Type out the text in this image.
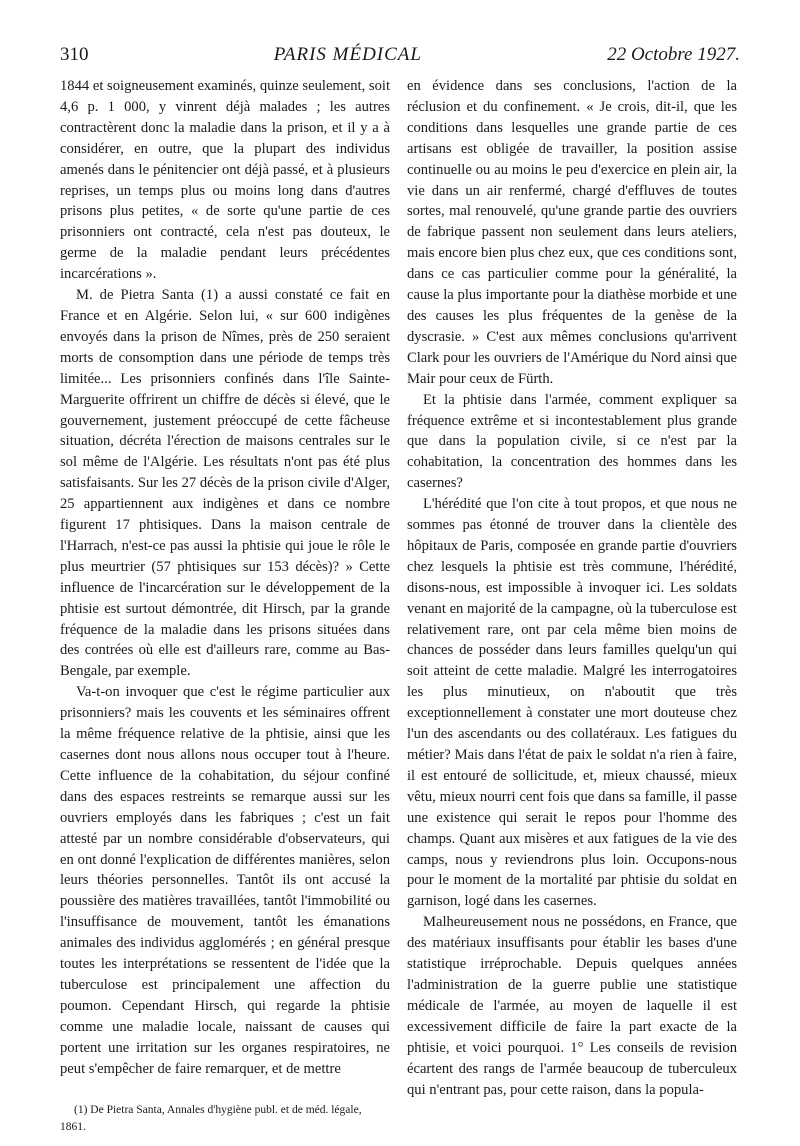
310	PARIS MÉDICAL	22 Octobre 1927.

1844 et soigneusement examinés, quinze seulement, soit 4,6 p. 1 000, y vinrent déjà malades ; les autres contractèrent donc la maladie dans la prison, et il y a à considérer, en outre, que la plupart des individus amenés dans le pénitencier ont déjà passé, et à plusieurs reprises, un temps plus ou moins long dans d'autres prisons plus petites, « de sorte qu'une partie de ces prisonniers ont contracté, cela n'est pas douteux, le germe de la maladie pendant leurs précédentes incarcérations ».

M. de Pietra Santa (1) a aussi constaté ce fait en France et en Algérie. Selon lui, « sur 600 indigènes envoyés dans la prison de Nîmes, près de 250 seraient morts de consomption dans une période de temps très limitée... Les prisonniers confinés dans l'île Sainte-Marguerite offrirent un chiffre de décès si élevé, que le gouvernement, justement préoccupé de cette fâcheuse situation, décréta l'érection de maisons centrales sur le sol même de l'Algérie. Les résultats n'ont pas été plus satisfaisants. Sur les 27 décès de la prison civile d'Alger, 25 appartiennent aux indigènes et dans ce nombre figurent 17 phtisiques. Dans la maison centrale de l'Harrach, n'est-ce pas aussi la phtisie qui joue le rôle le plus meurtrier (57 phtisiques sur 153 décès)? » Cette influence de l'incarcération sur le développement de la phtisie est surtout démontrée, dit Hirsch, par la grande fréquence de la maladie dans les prisons situées dans des contrées où elle est d'ailleurs rare, comme au Bas-Bengale, par exemple.

Va-t-on invoquer que c'est le régime particulier aux prisonniers? mais les couvents et les séminaires offrent la même fréquence relative de la phtisie, ainsi que les casernes dont nous allons nous occuper tout à l'heure. Cette influence de la cohabitation, du séjour confiné dans des espaces restreints se remarque aussi sur les ouvriers employés dans les fabriques ; c'est un fait attesté par un nombre considérable d'observateurs, qui en ont donné l'explication de différentes manières, selon leurs théories personnelles. Tantôt ils ont accusé la poussière des matières travaillées, tantôt l'immobilité ou l'insuffisance de mouvement, tantôt les émanations animales des individus agglomérés ; en général presque toutes les interprétations se ressentent de l'idée que la tuberculose est principalement une affection du poumon. Cependant Hirsch, qui regarde la phtisie comme une maladie locale, naissant de causes qui portent une irritation sur les organes respiratoires, ne peut s'empêcher de faire remarquer, et de mettre

(1) De Pietra Santa, Annales d'hygiène publ. et de méd. légale, 1861.

en évidence dans ses conclusions, l'action de la réclusion et du confinement. « Je crois, dit-il, que les conditions dans lesquelles une grande partie de ces artisans est obligée de travailler, la position assise continuelle ou au moins le peu d'exercice en plein air, la vie dans un air renfermé, chargé d'effluves de toutes sortes, mal renouvelé, qu'une grande partie des ouvriers de fabrique passent non seulement dans leurs ateliers, mais encore bien plus chez eux, que ces conditions sont, dans ce cas particulier comme pour la généralité, la cause la plus importante pour la diathèse morbide et une des causes les plus fréquentes de la genèse de la dyscrasie. » C'est aux mêmes conclusions qu'arrivent Clark pour les ouvriers de l'Amérique du Nord ainsi que Mair pour ceux de Fürth.

Et la phtisie dans l'armée, comment expliquer sa fréquence extrême et si incontestablement plus grande que dans la population civile, si ce n'est par la cohabitation, la concentration des hommes dans les casernes?

L'hérédité que l'on cite à tout propos, et que nous ne sommes pas étonné de trouver dans la clientèle des hôpitaux de Paris, composée en grande partie d'ouvriers chez lesquels la phtisie est très commune, l'hérédité, disons-nous, est impossible à invoquer ici. Les soldats venant en majorité de la campagne, où la tuberculose est relativement rare, ont par cela même bien moins de chances de posséder dans leurs familles quelqu'un qui soit atteint de cette maladie. Malgré les interrogatoires les plus minutieux, on n'aboutit que très exceptionnellement à constater une mort douteuse chez l'un des ascendants ou des collatéraux. Les fatigues du métier? Mais dans l'état de paix le soldat n'a rien à faire, il est entouré de sollicitude, et, mieux chaussé, mieux vêtu, mieux nourri cent fois que dans sa famille, il passe une existence qui serait le repos pour l'homme des champs. Quant aux misères et aux fatigues de la vie des camps, nous y reviendrons plus loin. Occupons-nous pour le moment de la mortalité par phtisie du soldat en garnison, logé dans les casernes.

Malheureusement nous ne possédons, en France, que des matériaux insuffisants pour établir les bases d'une statistique irréprochable. Depuis quelques années l'administration de la guerre publie une statistique médicale de l'armée, au moyen de laquelle il est excessivement difficile de faire la part exacte de la phtisie, et voici pourquoi. 1° Les conseils de revision écartent des rangs de l'armée beaucoup de tuberculeux qui n'entrant pas, pour cette raison, dans la popula-
